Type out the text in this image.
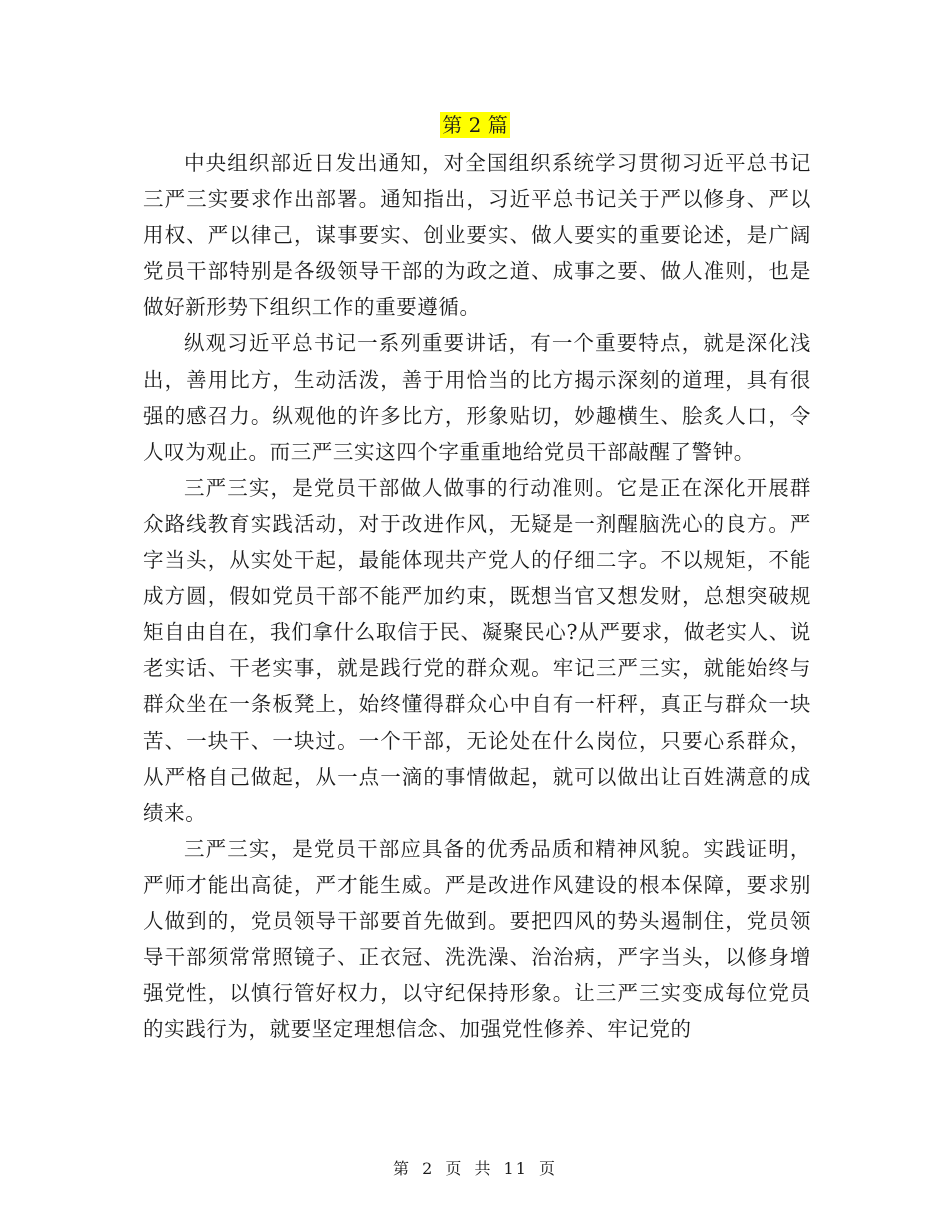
第 2 篇

中央组织部近日发出通知，对全国组织系统学习贯彻习近平总书记三严三实要求作出部署。通知指出，习近平总书记关于严以修身、严以用权、严以律己，谋事要实、创业要实、做人要实的重要论述，是广阔党员干部特别是各级领导干部的为政之道、成事之要、做人准则，也是做好新形势下组织工作的重要遵循。

纵观习近平总书记一系列重要讲话，有一个重要特点，就是深化浅出，善用比方，生动活泼，善于用恰当的比方揭示深刻的道理，具有很强的感召力。纵观他的许多比方，形象贴切，妙趣横生、脍炙人口，令人叹为观止。而三严三实这四个字重重地给党员干部敲醒了警钟。

三严三实，是党员干部做人做事的行动准则。它是正在深化开展群众路线教育实践活动，对于改进作风，无疑是一剂醒脑洗心的良方。严字当头，从实处干起，最能体现共产党人的仔细二字。不以规矩，不能成方圆，假如党员干部不能严加约束，既想当官又想发财，总想突破规矩自由自在，我们拿什么取信于民、凝聚民心?从严要求，做老实人、说老实话、干老实事，就是践行党的群众观。牢记三严三实，就能始终与群众坐在一条板凳上，始终懂得群众心中自有一杆秤，真正与群众一块苦、一块干、一块过。一个干部，无论处在什么岗位，只要心系群众，从严格自己做起，从一点一滴的事情做起，就可以做出让百姓满意的成绩来。

三严三实，是党员干部应具备的优秀品质和精神风貌。实践证明，严师才能出高徒，严才能生威。严是改进作风建设的根本保障，要求别人做到的，党员领导干部要首先做到。要把四风的势头遏制住，党员领导干部须常常照镜子、正衣冠、洗洗澡、治治病，严字当头，以修身增强党性，以慎行管好权力，以守纪保持形象。让三严三实变成每位党员的实践行为，就要坚定理想信念、加强党性修养、牢记党的

第 2 页 共 11 页
